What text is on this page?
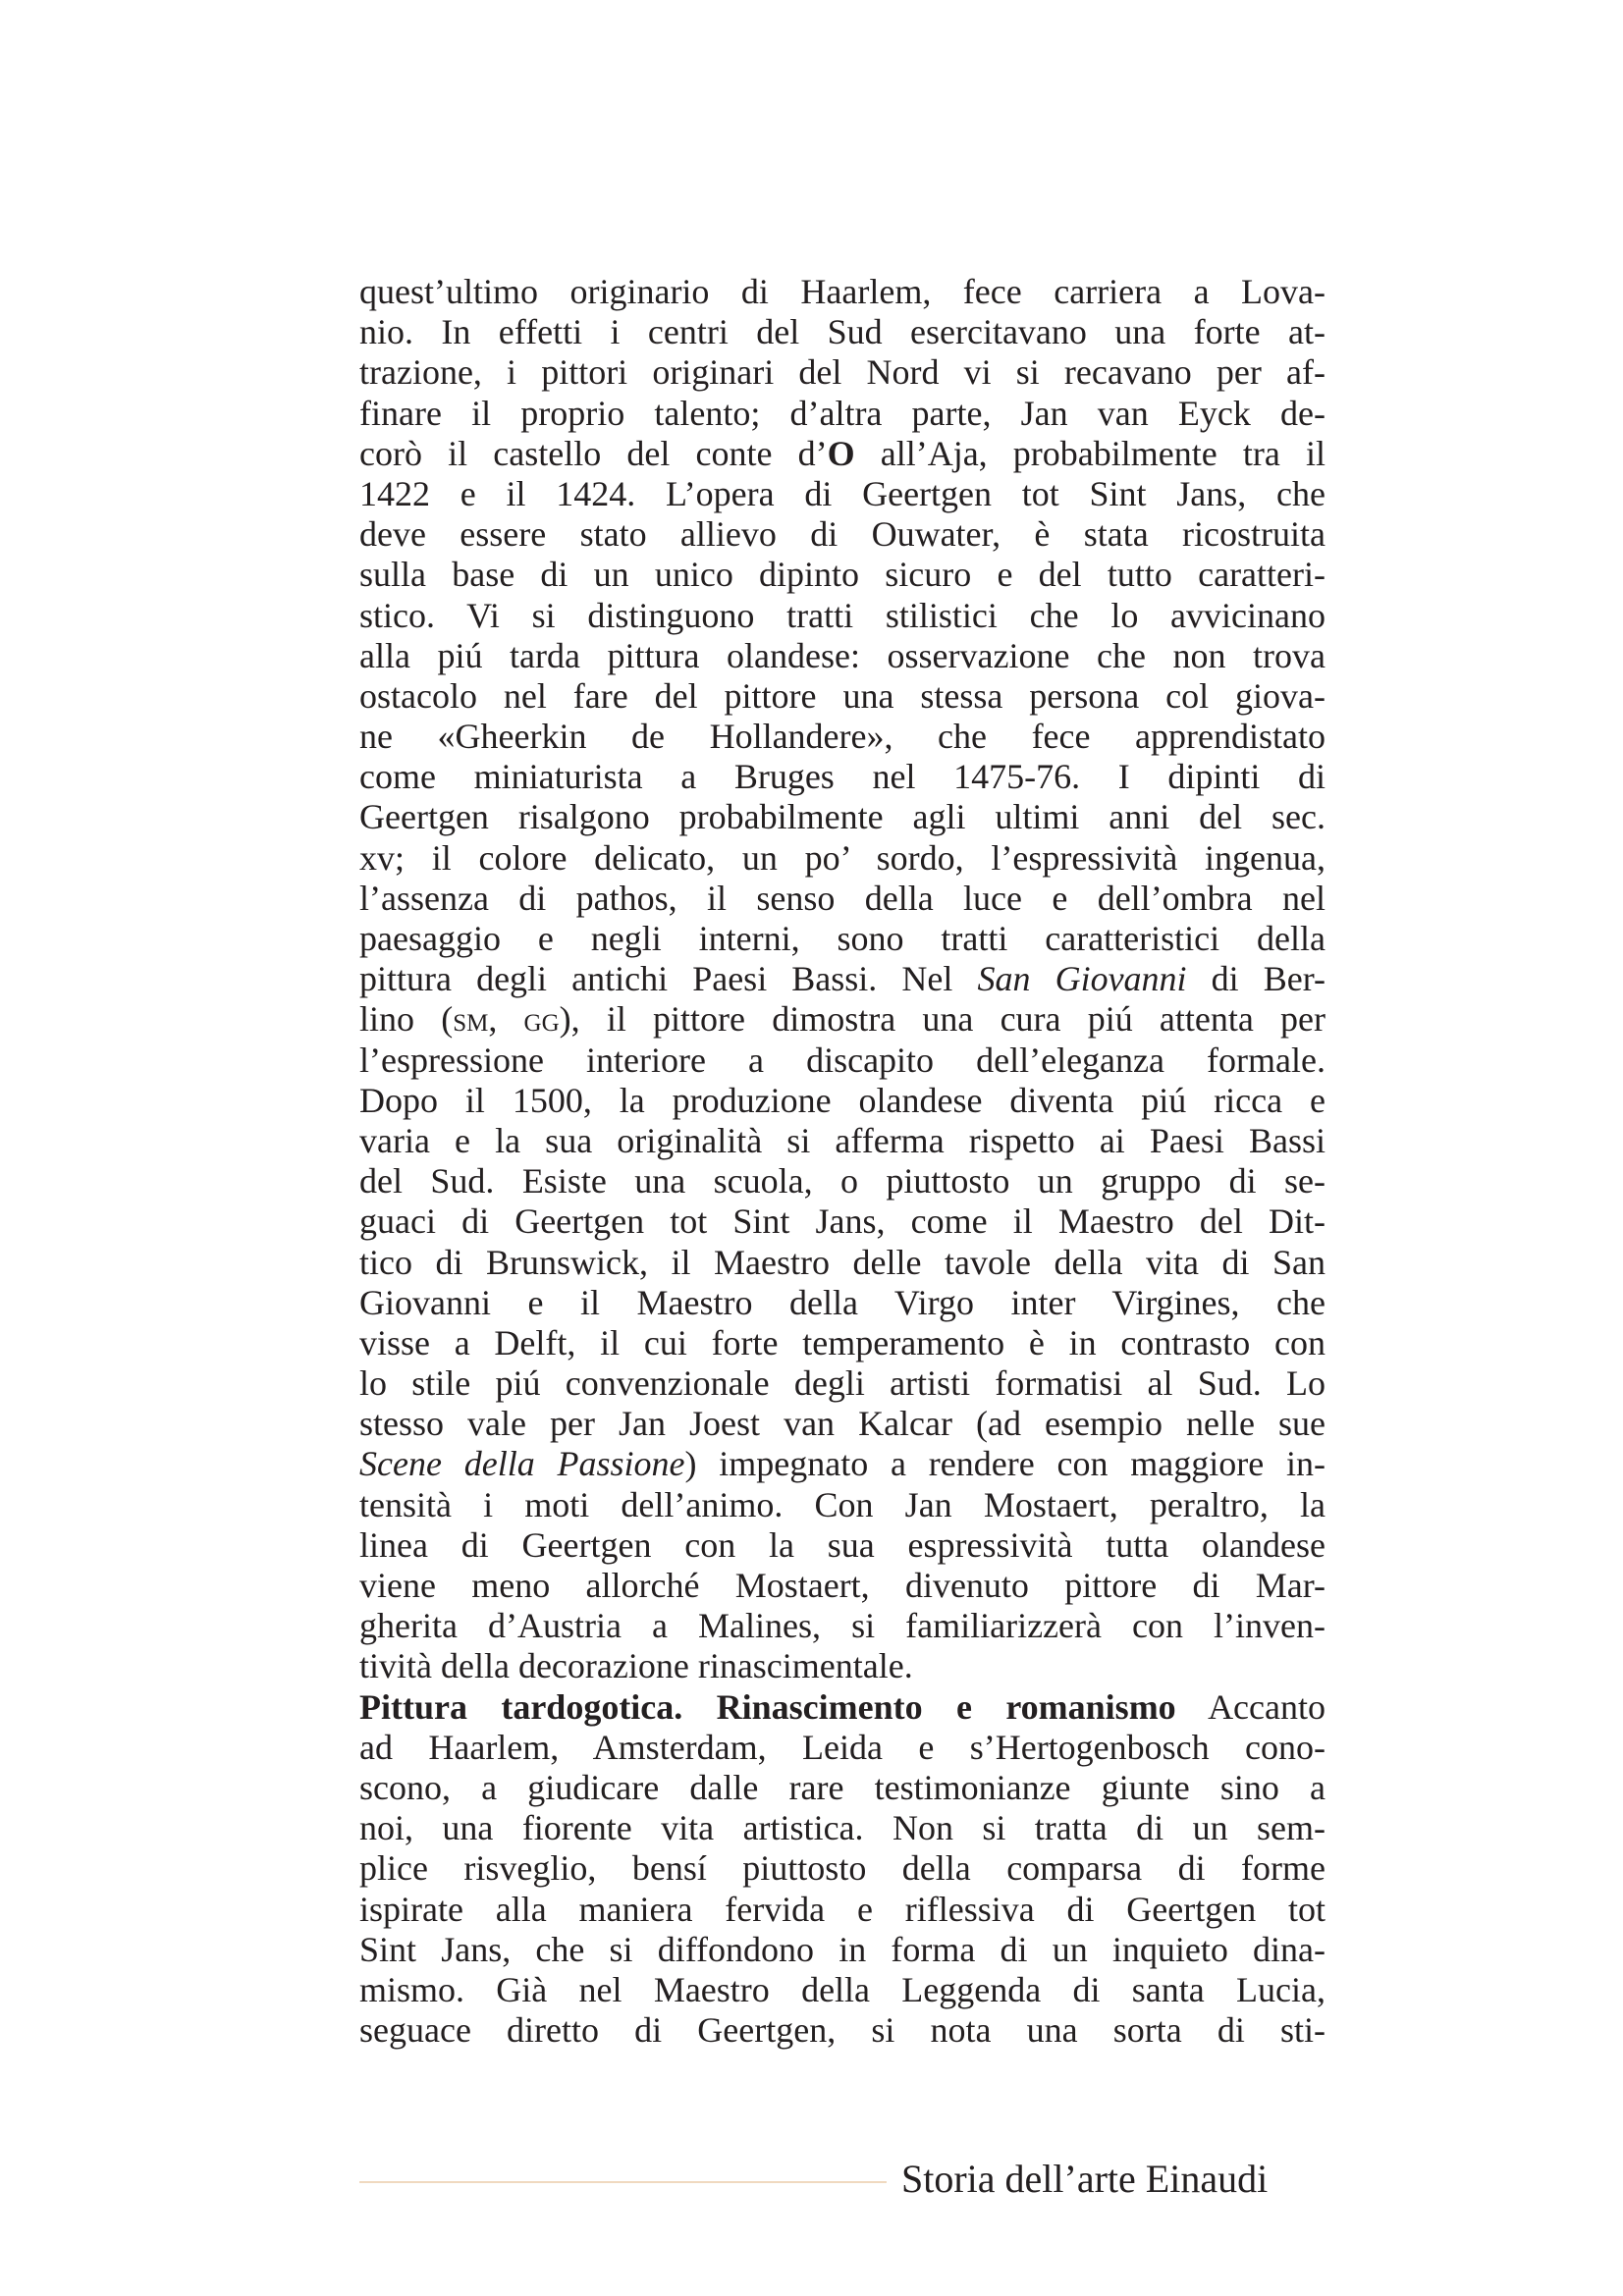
quest’ultimo originario di Haarlem, fece carriera a Lova-
nio. In effetti i centri del Sud esercitavano una forte at-
trazione, i pittori originari del Nord vi si recavano per af-
finare il proprio talento; d’altra parte, Jan van Eyck de-
corò il castello del conte d’O all’Aja, probabilmente tra il
1422 e il 1424. L’opera di Geertgen tot Sint Jans, che
deve essere stato allievo di Ouwater, è stata ricostruita
sulla base di un unico dipinto sicuro e del tutto caratteri-
stico. Vi si distinguono tratti stilistici che lo avvicinano
alla piú tarda pittura olandese: osservazione che non trova
ostacolo nel fare del pittore una stessa persona col giova-
ne «Gheerkin de Hollandere», che fece apprendistato
come miniaturista a Bruges nel 1475-76. I dipinti di
Geertgen risalgono probabilmente agli ultimi anni del sec.
xv; il colore delicato, un po’ sordo, l’espressività ingenua,
l’assenza di pathos, il senso della luce e dell’ombra nel
paesaggio e negli interni, sono tratti caratteristici della
pittura degli antichi Paesi Bassi. Nel San Giovanni di Ber-
lino (sm, gg), il pittore dimostra una cura piú attenta per
l’espressione interiore a discapito dell’eleganza formale.
Dopo il 1500, la produzione olandese diventa piú ricca e
varia e la sua originalità si afferma rispetto ai Paesi Bassi
del Sud. Esiste una scuola, o piuttosto un gruppo di se-
guaci di Geertgen tot Sint Jans, come il Maestro del Dit-
tico di Brunswick, il Maestro delle tavole della vita di San
Giovanni e il Maestro della Virgo inter Virgines, che
visse a Delft, il cui forte temperamento è in contrasto con
lo stile piú convenzionale degli artisti formatisi al Sud. Lo
stesso vale per Jan Joest van Kalcar (ad esempio nelle sue
Scene della Passione) impegnato a rendere con maggiore in-
tensità i moti dell’animo. Con Jan Mostaert, peraltro, la
linea di Geertgen con la sua espressività tutta olandese
viene meno allorché Mostaert, divenuto pittore di Mar-
gherita d’Austria a Malines, si familiarizzerà con l’inven-
tività della decorazione rinascimentale.
Pittura tardogotica. Rinascimento e romanismo Accanto
ad Haarlem, Amsterdam, Leida e s’Hertogenbosch cono-
scono, a giudicare dalle rare testimonianze giunte sino a
noi, una fiorente vita artistica. Non si tratta di un sem-
plice risveglio, bensí piuttosto della comparsa di forme
ispirate alla maniera fervida e riflessiva di Geertgen tot
Sint Jans, che si diffondono in forma di un inquieto dina-
mismo. Già nel Maestro della Leggenda di santa Lucia,
seguace diretto di Geertgen, si nota una sorta di sti-
Storia dell’arte Einaudi
